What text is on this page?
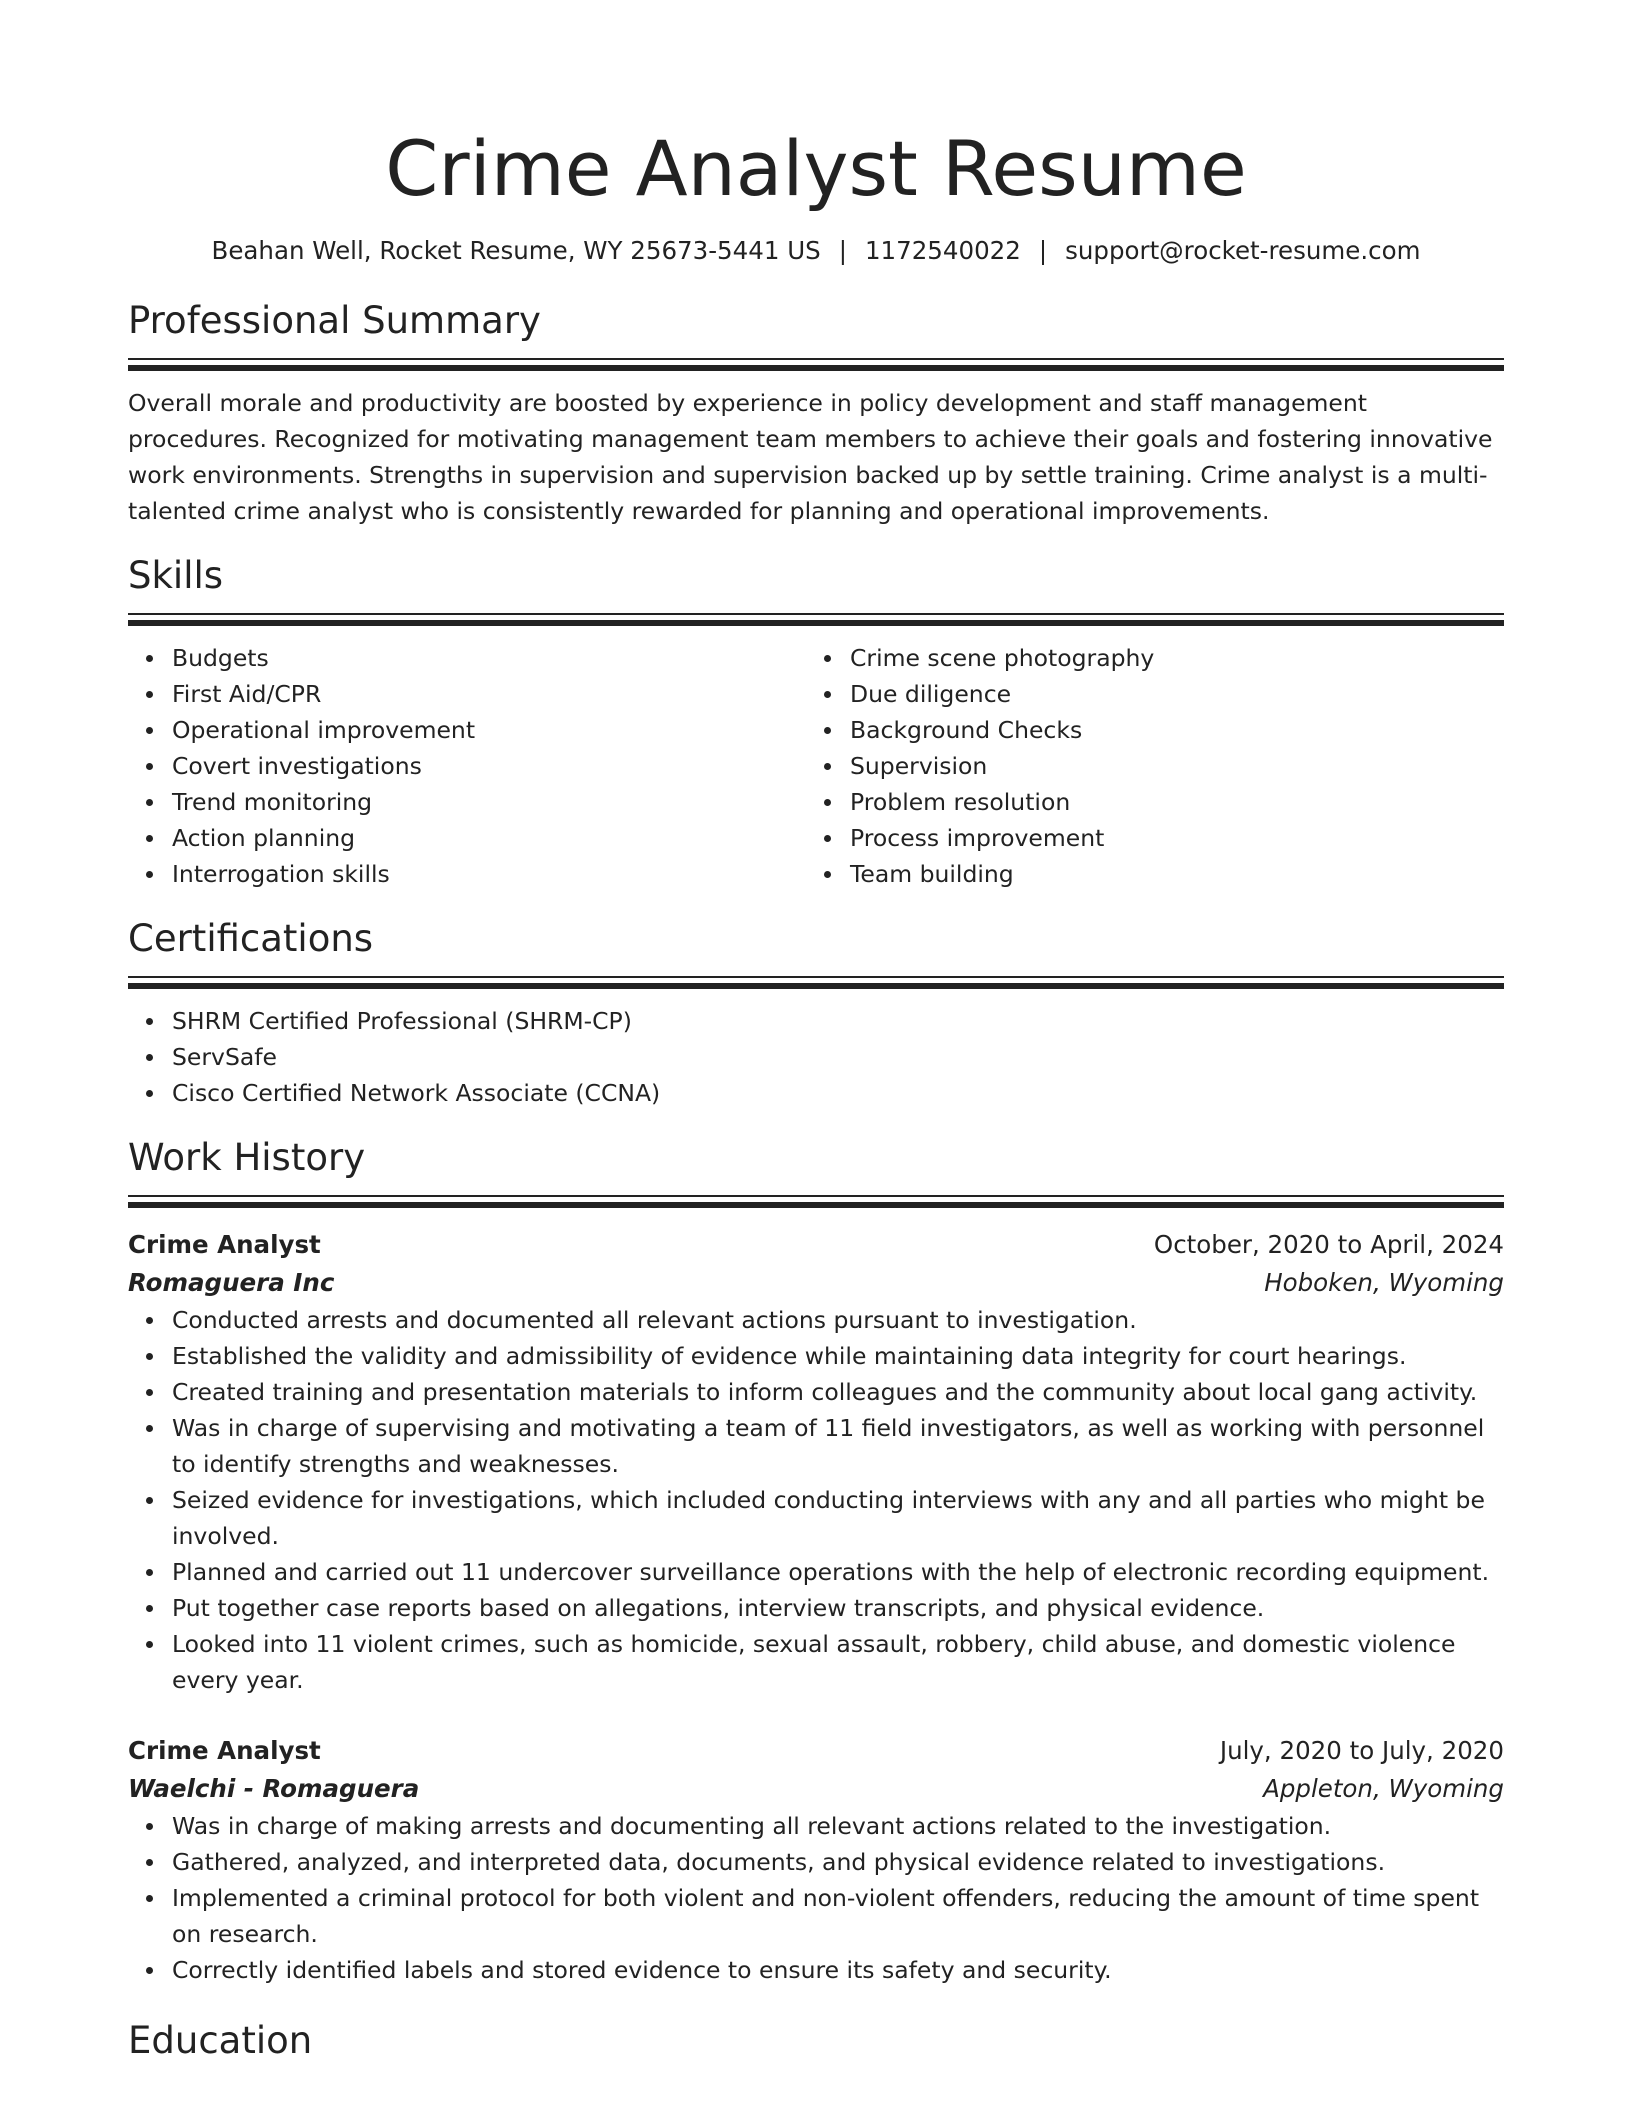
Crime Analyst Resume
Beahan Well, Rocket Resume, WY 25673-5441 US | 1172540022 | support@rocket-resume.com
Professional Summary

Overall morale and productivity are boosted by experience in policy development and staff management procedures. Recognized for motivating management team members to achieve their goals and fostering innovative work environments. Strengths in supervision and supervision backed up by settle training. Crime analyst is a multi-talented crime analyst who is consistently rewarded for planning and operational improvements.

Skills
Budgets
First Aid/CPR
Operational improvement
Covert investigations
Trend monitoring
Action planning
Interrogation skills
Crime scene photography
Due diligence
Background Checks
Supervision
Problem resolution
Process improvement
Team building
Certifications
SHRM Certified Professional (SHRM-CP)
ServSafe
Cisco Certified Network Associate (CCNA)
Work History
Crime Analyst	October, 2020 to April, 2024
Romaguera Inc	Hoboken, Wyoming
Conducted arrests and documented all relevant actions pursuant to investigation.
Established the validity and admissibility of evidence while maintaining data integrity for court hearings.
Created training and presentation materials to inform colleagues and the community about local gang activity.
Was in charge of supervising and motivating a team of 11 field investigators, as well as working with personnel to identify strengths and weaknesses.
Seized evidence for investigations, which included conducting interviews with any and all parties who might be involved.
Planned and carried out 11 undercover surveillance operations with the help of electronic recording equipment.
Put together case reports based on allegations, interview transcripts, and physical evidence.
Looked into 11 violent crimes, such as homicide, sexual assault, robbery, child abuse, and domestic violence every year.
Crime Analyst	July, 2020 to July, 2020
Waelchi - Romaguera	Appleton, Wyoming
Was in charge of making arrests and documenting all relevant actions related to the investigation.
Gathered, analyzed, and interpreted data, documents, and physical evidence related to investigations.
Implemented a criminal protocol for both violent and non-violent offenders, reducing the amount of time spent on research.
Correctly identified labels and stored evidence to ensure its safety and security.
Education
